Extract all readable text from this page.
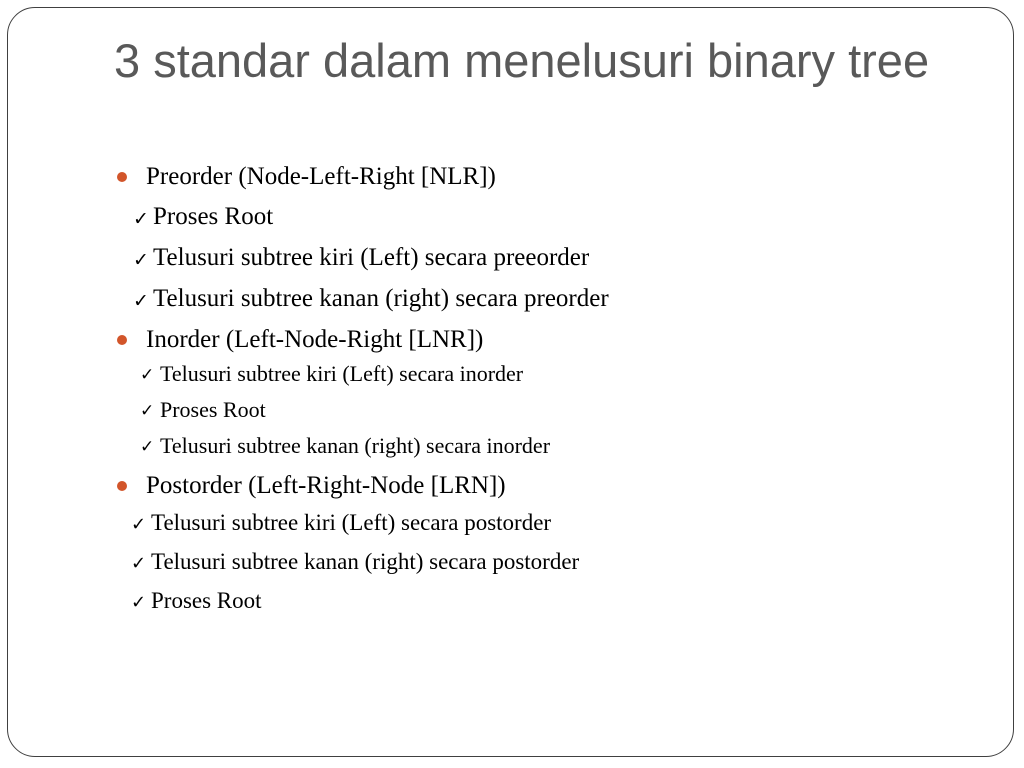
3 standar dalam menelusuri binary tree
Preorder (Node-Left-Right [NLR])
✓ Proses Root
✓ Telusuri subtree kiri (Left) secara preeorder
✓ Telusuri subtree kanan (right) secara preorder
Inorder (Left-Node-Right [LNR])
✓ Telusuri subtree kiri (Left) secara inorder
✓ Proses Root
✓ Telusuri subtree kanan (right) secara inorder
Postorder (Left-Right-Node [LRN])
✓ Telusuri subtree kiri (Left) secara postorder
✓ Telusuri subtree kanan (right) secara postorder
✓ Proses Root
